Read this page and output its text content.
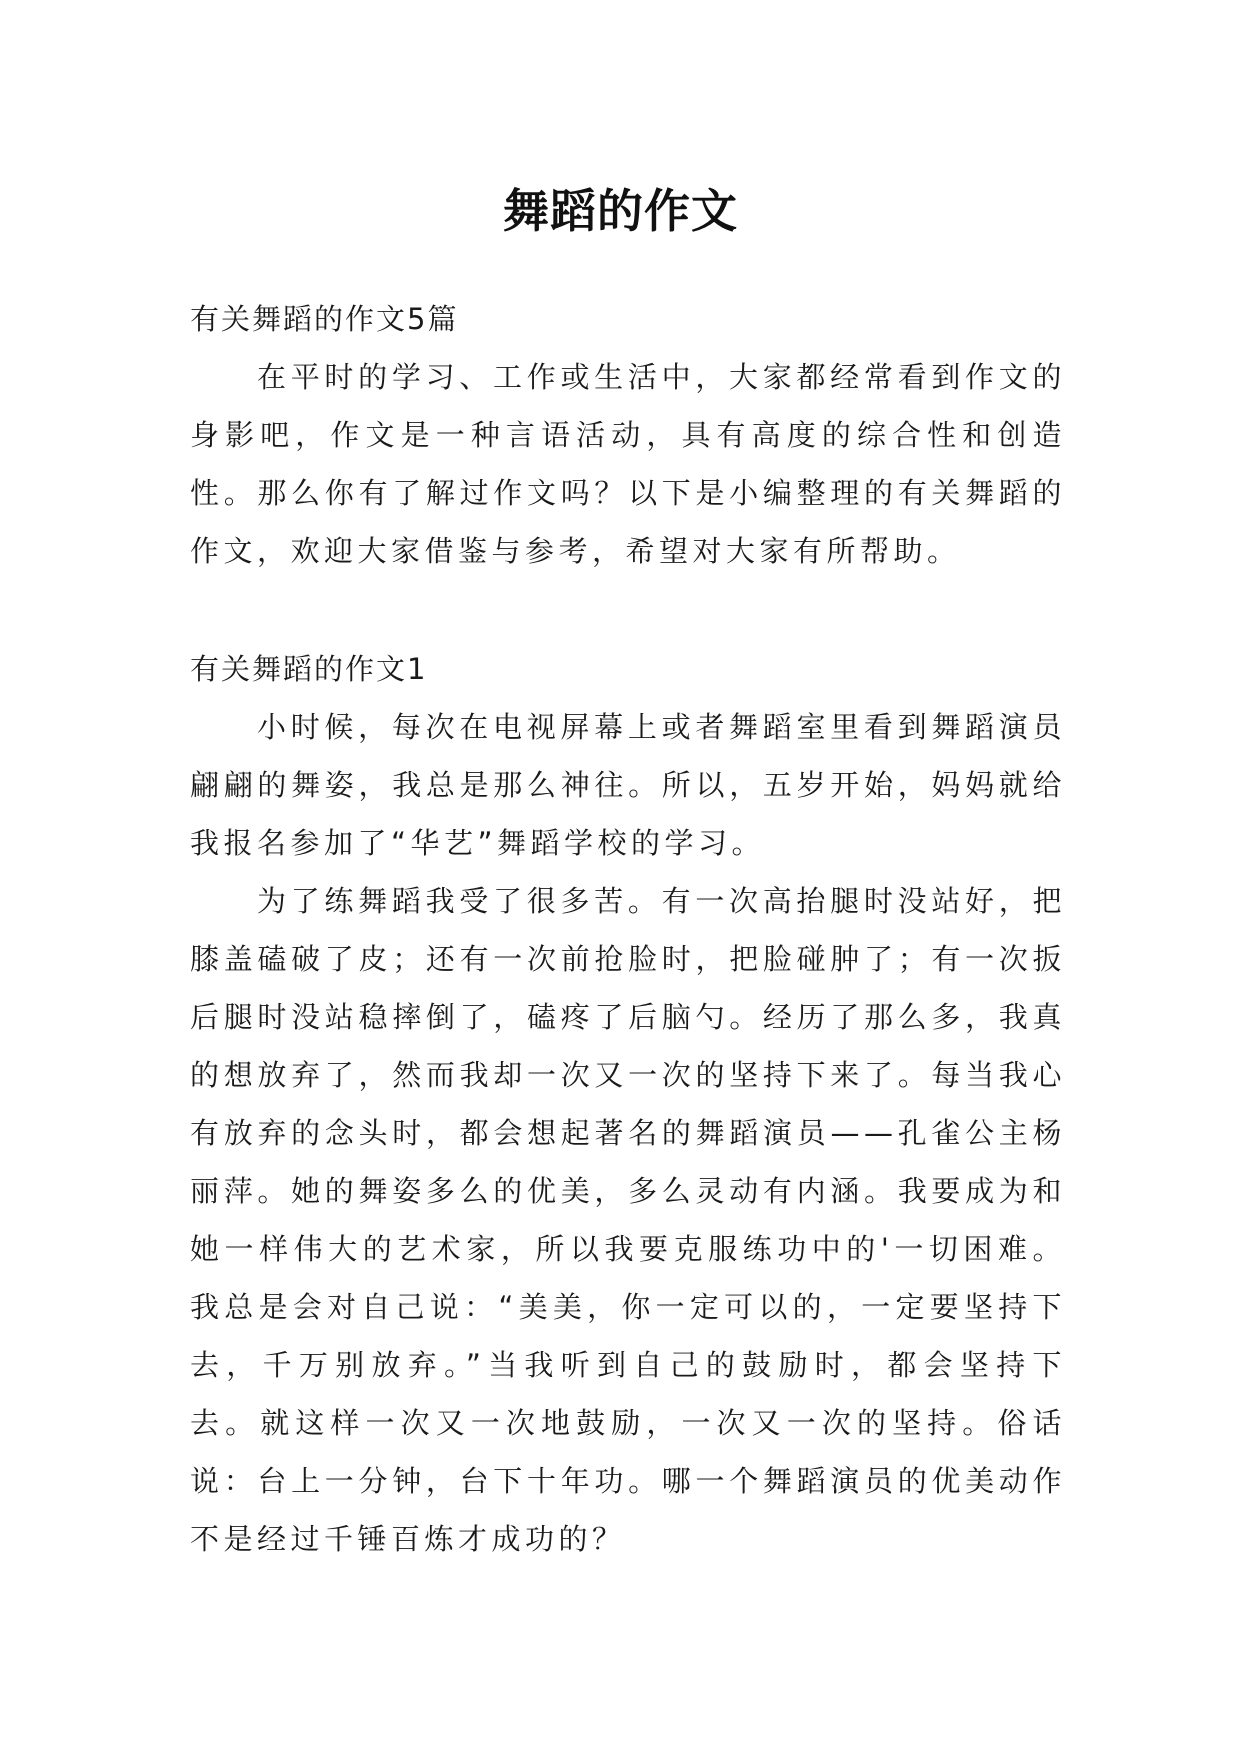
舞蹈的作文
有关舞蹈的作文5篇

在平时的学习、工作或生活中，大家都经常看到作文的身影吧，作文是一种言语活动，具有高度的综合性和创造性。那么你有了解过作文吗？以下是小编整理的有关舞蹈的作文，欢迎大家借鉴与参考，希望对大家有所帮助。

有关舞蹈的作文1

小时候，每次在电视屏幕上或者舞蹈室里看到舞蹈演员翩翩的舞姿，我总是那么神往。所以，五岁开始，妈妈就给我报名参加了“华艺”舞蹈学校的学习。

为了练舞蹈我受了很多苦。有一次高抬腿时没站好，把膝盖磕破了皮；还有一次前抢脸时，把脸碰肿了；有一次扳后腿时没站稳摔倒了，磕疼了后脑勺。经历了那么多，我真的想放弃了，然而我却一次又一次的坚持下来了。每当我心有放弃的念头时，都会想起著名的舞蹈演员——孔雀公主杨丽萍。她的舞姿多么的优美，多么灵动有内涵。我要成为和她一样伟大的艺术家，所以我要克服练功中的'一切困难。我总是会对自己说：“美美，你一定可以的，一定要坚持下去，千万别放弃。”当我听到自己的鼓励时，都会坚持下去。就这样一次又一次地鼓励，一次又一次的坚持。俗话说：台上一分钟，台下十年功。哪一个舞蹈演员的优美动作不是经过千锤百炼才成功的？
